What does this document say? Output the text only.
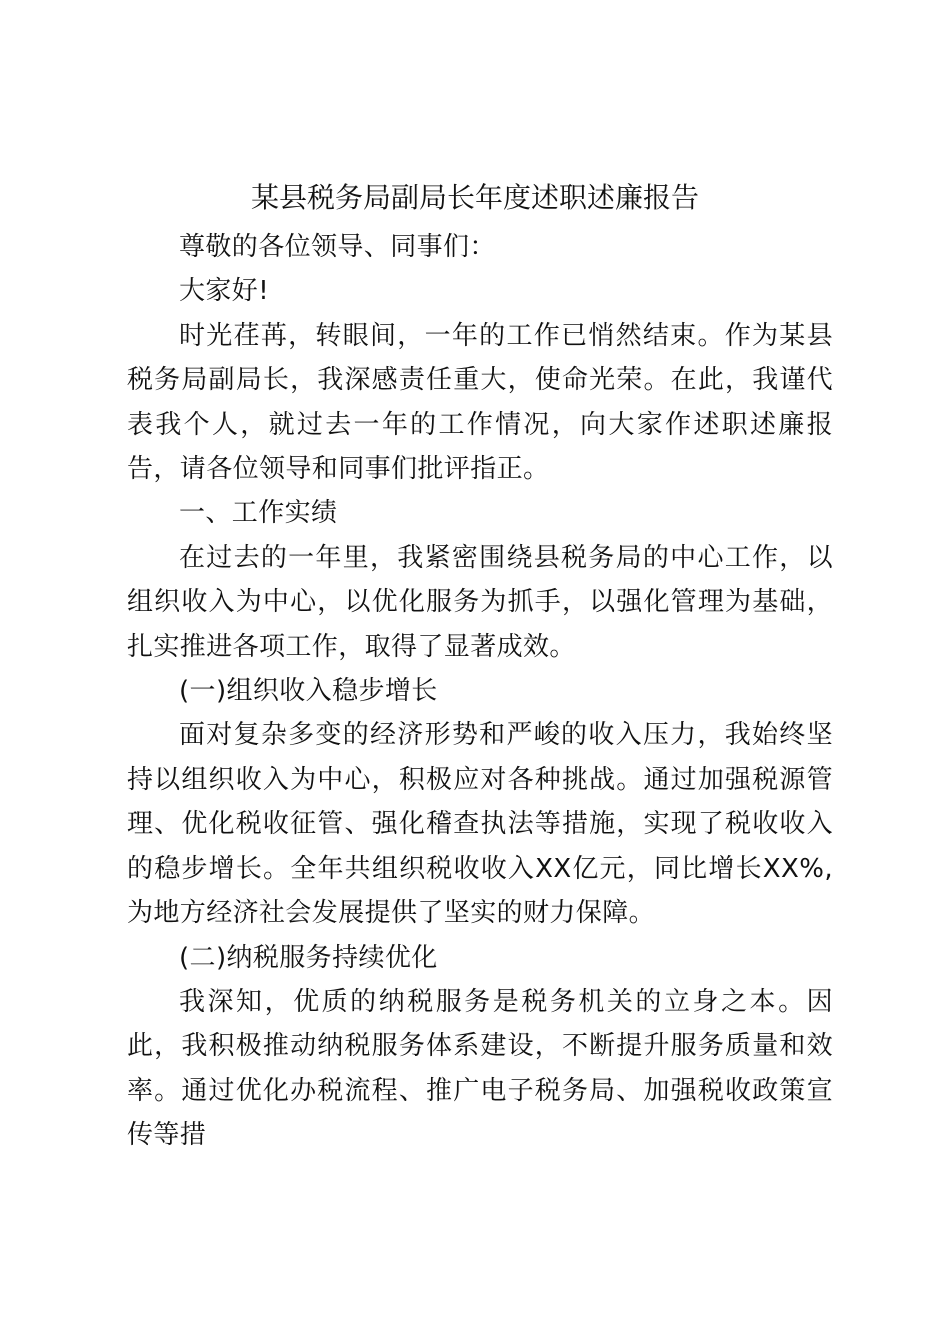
某县税务局副局长年度述职述廉报告

尊敬的各位领导、同事们：

大家好!

时光荏苒，转眼间，一年的工作已悄然结束。作为某县税务局副局长，我深感责任重大，使命光荣。在此，我谨代表我个人，就过去一年的工作情况，向大家作述职述廉报告，请各位领导和同事们批评指正。

一、工作实绩

在过去的一年里，我紧密围绕县税务局的中心工作，以组织收入为中心，以优化服务为抓手，以强化管理为基础，扎实推进各项工作，取得了显著成效。

(一)组织收入稳步增长

面对复杂多变的经济形势和严峻的收入压力，我始终坚持以组织收入为中心，积极应对各种挑战。通过加强税源管理、优化税收征管、强化稽查执法等措施，实现了税收收入的稳步增长。全年共组织税收收入XX亿元，同比增长XX%,为地方经济社会发展提供了坚实的财力保障。

(二)纳税服务持续优化

我深知，优质的纳税服务是税务机关的立身之本。因此，我积极推动纳税服务体系建设，不断提升服务质量和效率。通过优化办税流程、推广电子税务局、加强税收政策宣传等措
